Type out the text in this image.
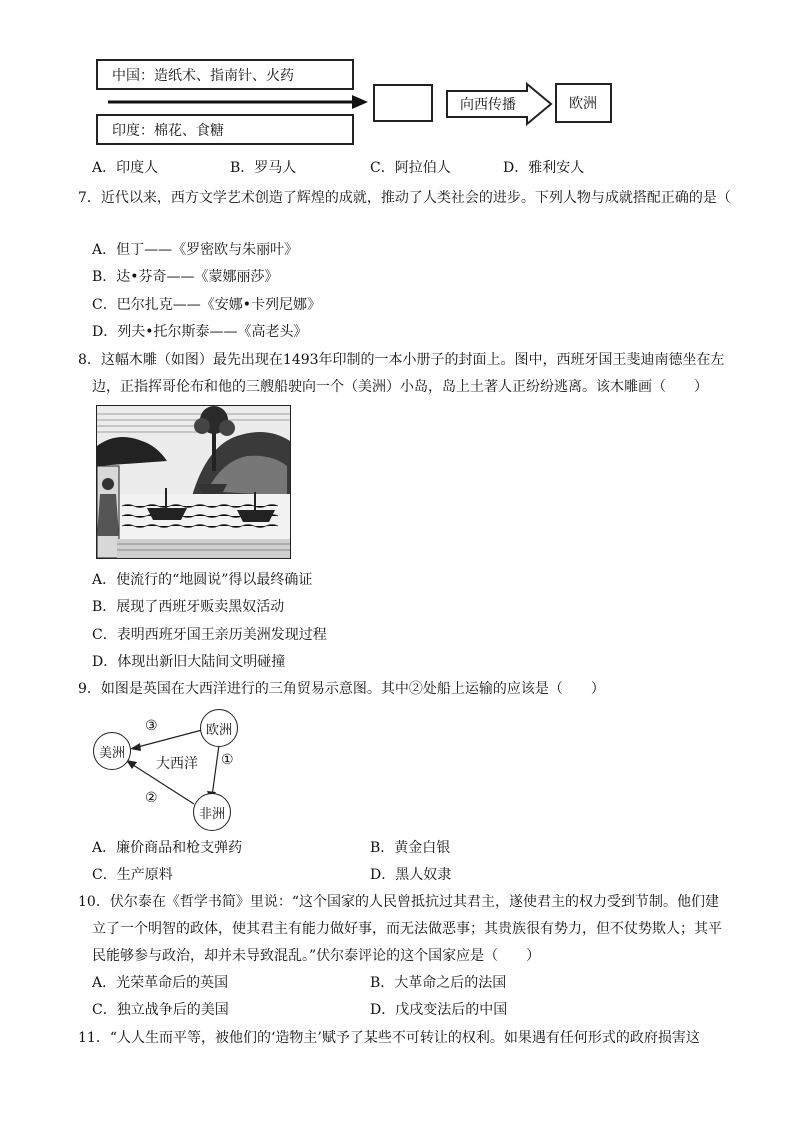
中国：造纸术、指南针、火药
印度：棉花、食糖
向西传播	欧洲
A．印度人	B．罗马人	C．阿拉伯人	D．雅利安人
7．近代以来，西方文学艺术创造了辉煌的成就，推动了人类社会的进步。下列人物与成就搭配正确的是（
A．但丁——《罗密欧与朱丽叶》
B．达•芬奇——《蒙娜丽莎》
C．巴尔扎克——《安娜•卡列尼娜》
D．列夫•托尔斯泰——《高老头》
8．这幅木雕（如图）最先出现在1493年印制的一本小册子的封面上。图中，西班牙国王斐迪南德坐在左
边，正指挥哥伦布和他的三艘船驶向一个（美洲）小岛，岛上土著人正纷纷逃离。该木雕画（　　）
A．使流行的“地圆说”得以最终确证
B．展现了西班牙贩卖黑奴活动
C．表明西班牙国王亲历美洲发现过程
D．体现出新旧大陆间文明碰撞
9．如图是英国在大西洋进行的三角贸易示意图。其中②处船上运输的应该是（　　）
欧洲
美洲
非洲
大西洋 ①
②
③
A．廉价商品和枪支弹药	B．黄金白银
C．生产原料	D．黑人奴隶
10．伏尔泰在《哲学书简》里说：“这个国家的人民曾抵抗过其君主，遂使君主的权力受到节制。他们建
立了一个明智的政体，使其君主有能力做好事，而无法做恶事；其贵族很有势力，但不仗势欺人；其平
民能够参与政治，却并未导致混乱。”伏尔泰评论的这个国家应是（　　）
A．光荣革命后的英国	B．大革命之后的法国
C．独立战争后的美国	D．戊戌变法后的中国
11．“人人生而平等，被他们的‘造物主’赋予了某些不可转让的权利。如果遇有任何形式的政府损害这
